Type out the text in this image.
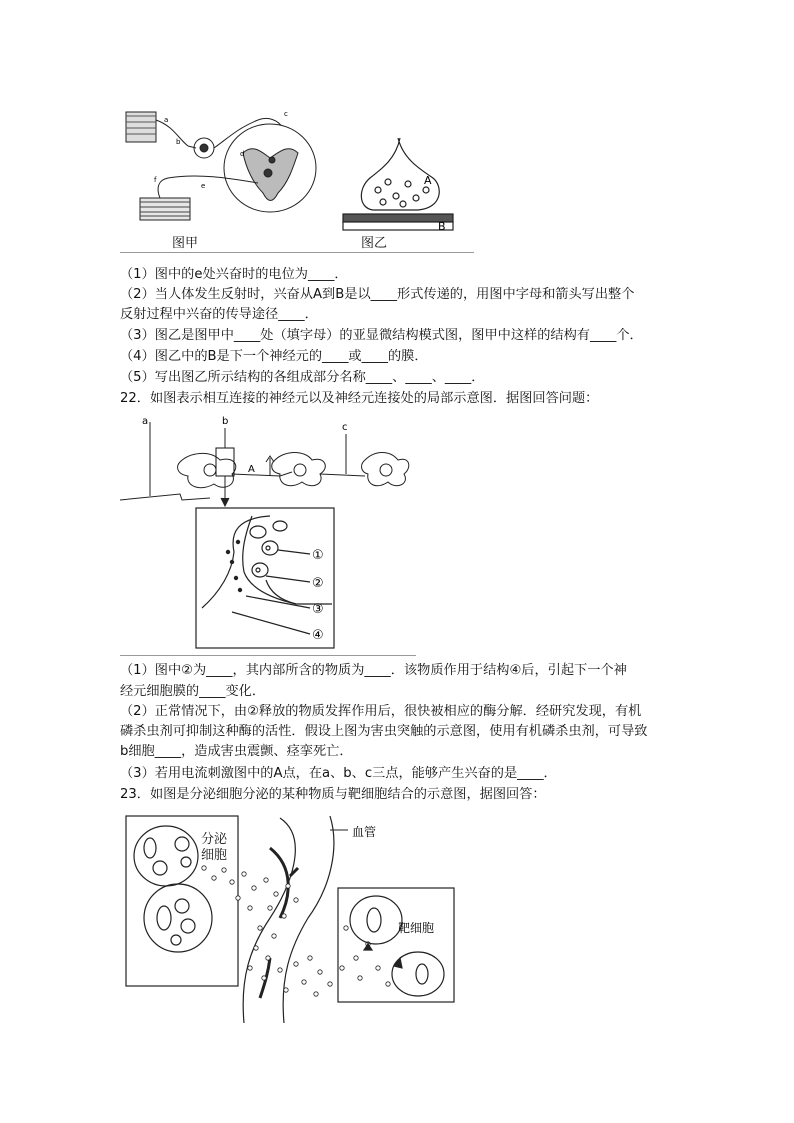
a
b
c
d
e
f	A
B
图甲	图乙
（1）图中的e处兴奋时的电位为____．
（2）当人体发生反射时，兴奋从A到B是以____形式传递的，用图中字母和箭头写出整个
反射过程中兴奋的传导途径____．
（3）图乙是图甲中____处（填字母）的亚显微结构模式图，图甲中这样的结构有____个．
（4）图乙中的B是下一个神经元的____或____的膜．
（5）写出图乙所示结构的各组成部分名称____、____、____．
22．如图表示相互连接的神经元以及神经元连接处的局部示意图．据图回答问题：
a	b
c
A
①
②
③
④
（1）图中②为____，其内部所含的物质为____．该物质作用于结构④后，引起下一个神
经元细胞膜的____变化．
（2）正常情况下，由②释放的物质发挥作用后，很快被相应的酶分解．经研究发现，有机
磷杀虫剂可抑制这种酶的活性．假设上图为害虫突触的示意图，使用有机磷杀虫剂，可导致
b细胞____，造成害虫震颤、痉挛死亡．
（3）若用电流刺激图中的A点，在a、b、c三点，能够产生兴奋的是____．
23．如图是分泌细胞分泌的某种物质与靶细胞结合的示意图，据图回答：
血管
靶细胞
分泌细胞
